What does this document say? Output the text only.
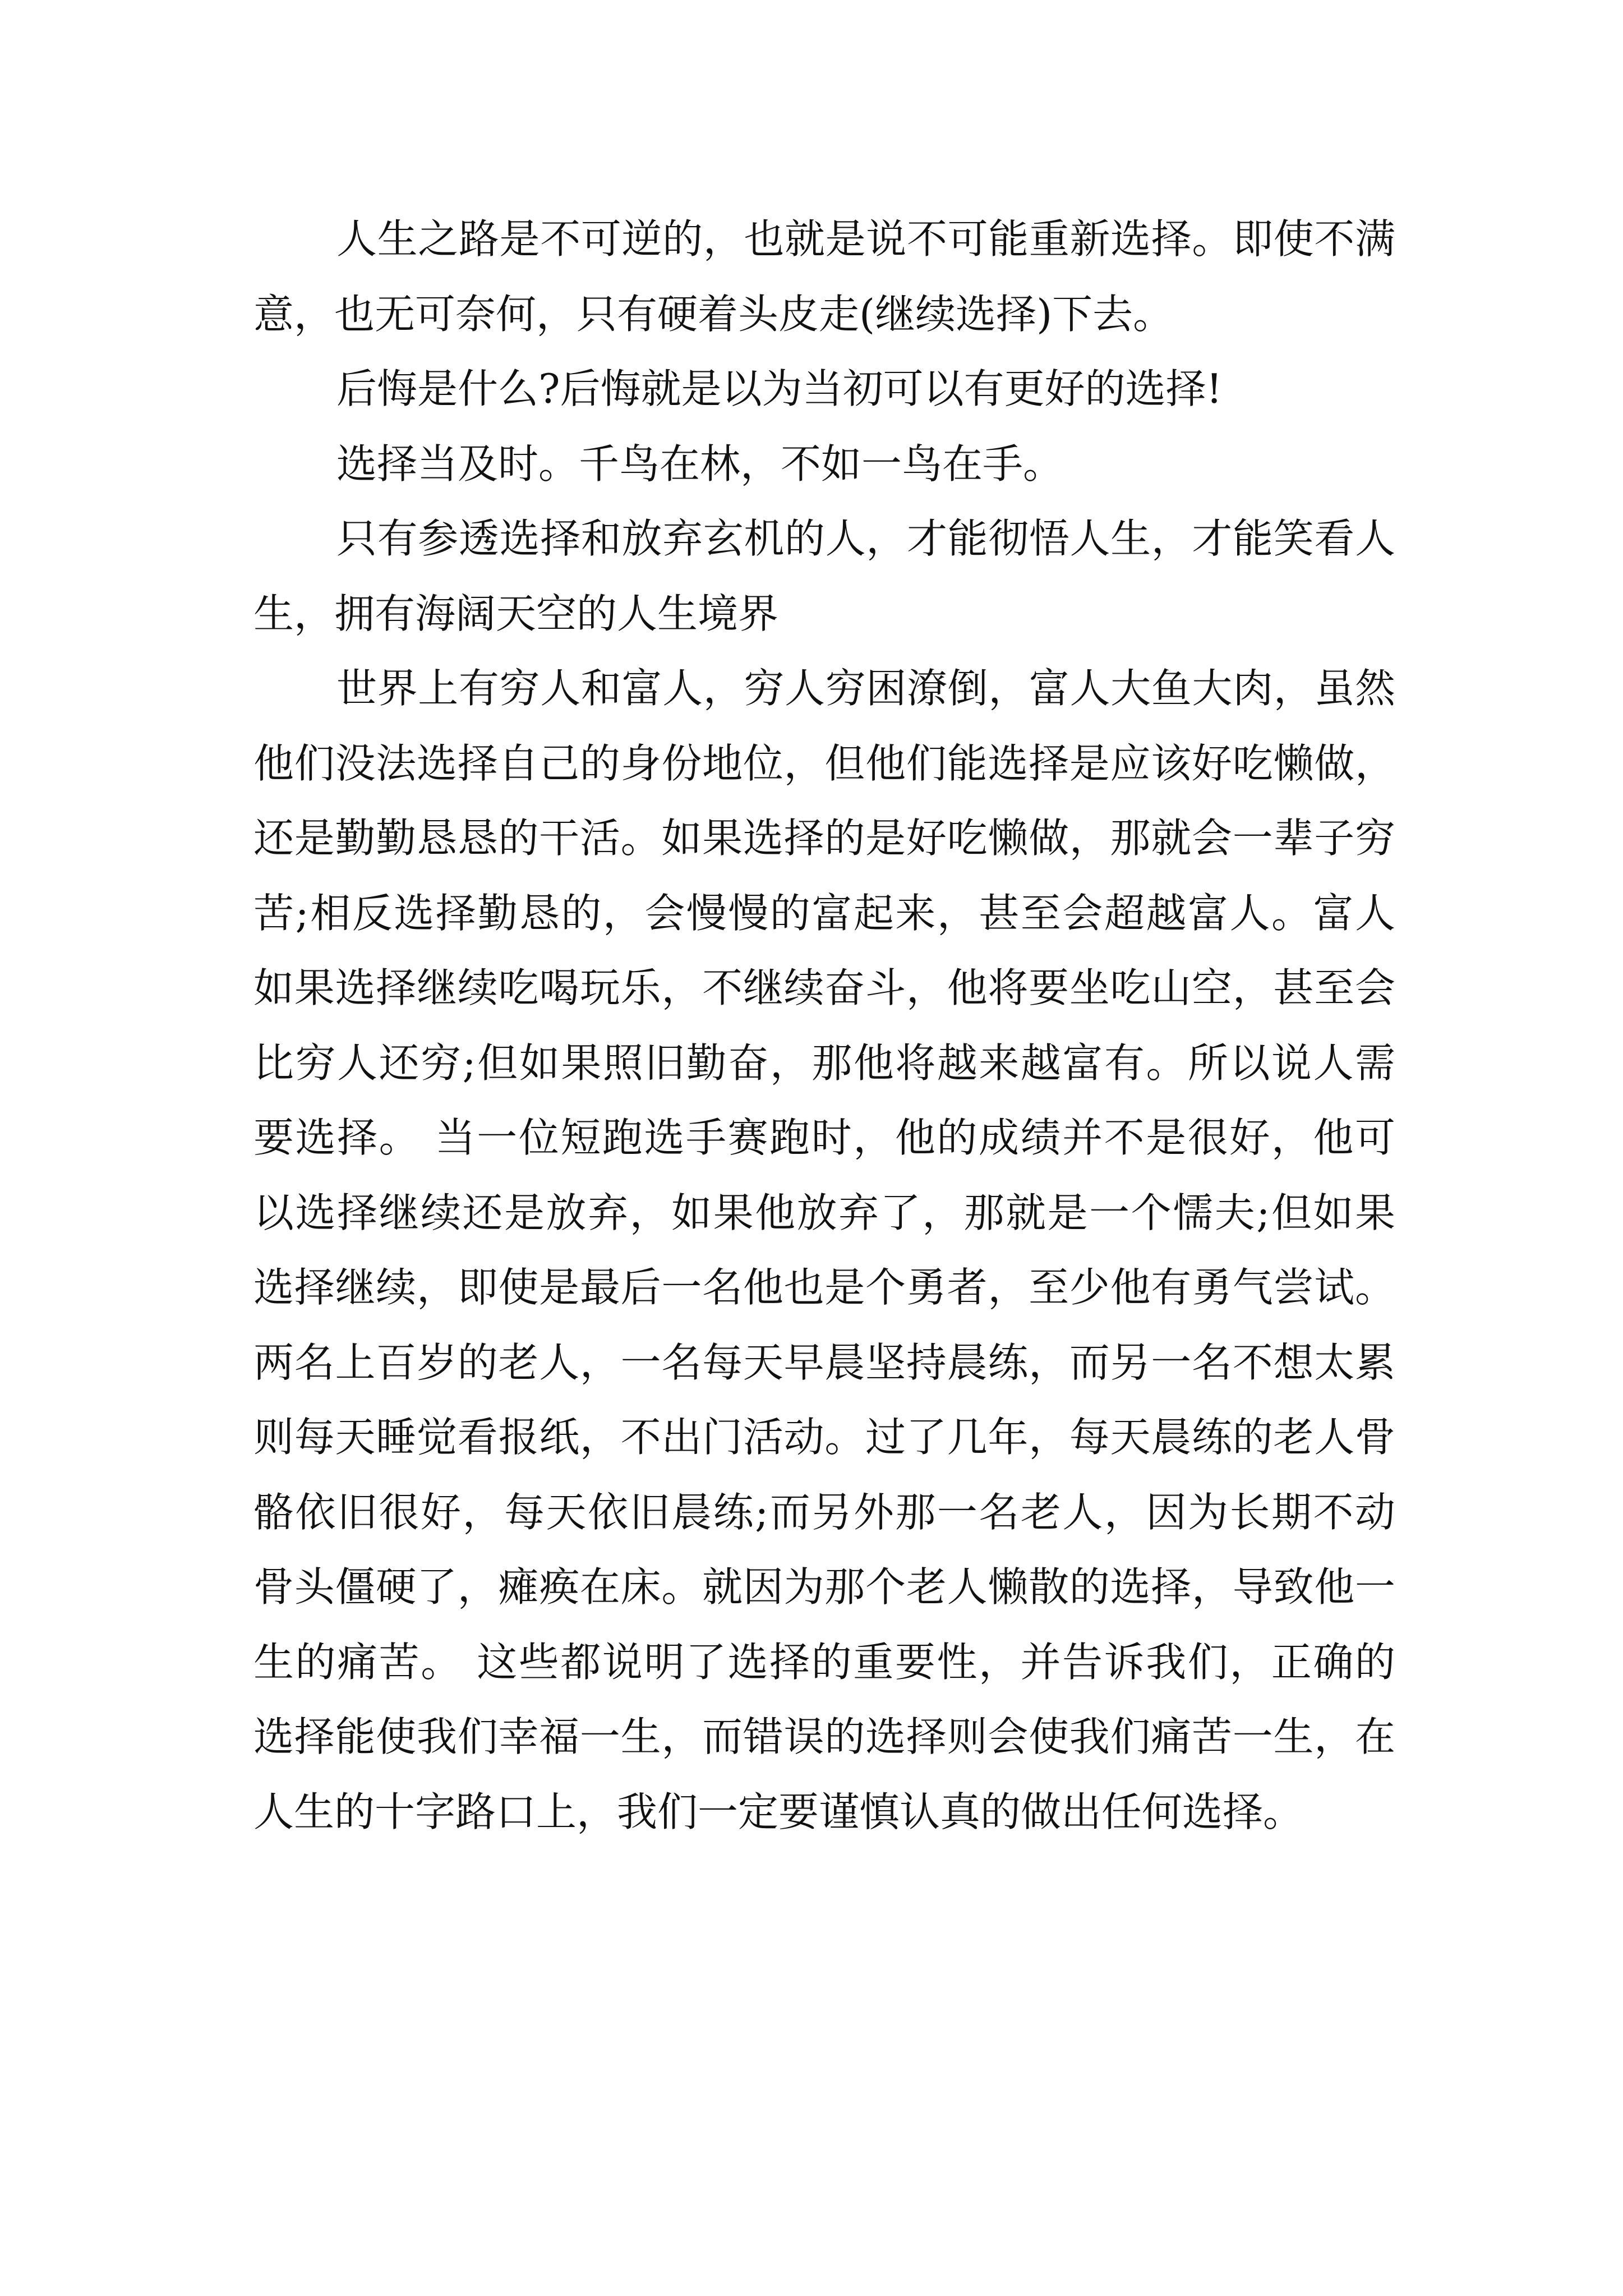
人生之路是不可逆的，也就是说不可能重新选择。即使不满意，也无可奈何，只有硬着头皮走(继续选择)下去。

后悔是什么?后悔就是以为当初可以有更好的选择!

选择当及时。千鸟在林，不如一鸟在手。

只有参透选择和放弃玄机的人，才能彻悟人生，才能笑看人生，拥有海阔天空的人生境界

世界上有穷人和富人，穷人穷困潦倒，富人大鱼大肉，虽然他们没法选择自己的身份地位，但他们能选择是应该好吃懒做，还是勤勤恳恳的干活。如果选择的是好吃懒做，那就会一辈子穷苦;相反选择勤恳的，会慢慢的富起来，甚至会超越富人。富人如果选择继续吃喝玩乐，不继续奋斗，他将要坐吃山空，甚至会比穷人还穷;但如果照旧勤奋，那他将越来越富有。所以说人需要选择。 当一位短跑选手赛跑时，他的成绩并不是很好，他可以选择继续还是放弃，如果他放弃了，那就是一个懦夫;但如果选择继续，即使是最后一名他也是个勇者，至少他有勇气尝试。 两名上百岁的老人，一名每天早晨坚持晨练，而另一名不想太累则每天睡觉看报纸，不出门活动。过了几年，每天晨练的老人骨骼依旧很好，每天依旧晨练;而另外那一名老人，因为长期不动骨头僵硬了，瘫痪在床。就因为那个老人懒散的选择，导致他一生的痛苦。 这些都说明了选择的重要性，并告诉我们，正确的选择能使我们幸福一生，而错误的选择则会使我们痛苦一生，在人生的十字路口上，我们一定要谨慎认真的做出任何选择。
